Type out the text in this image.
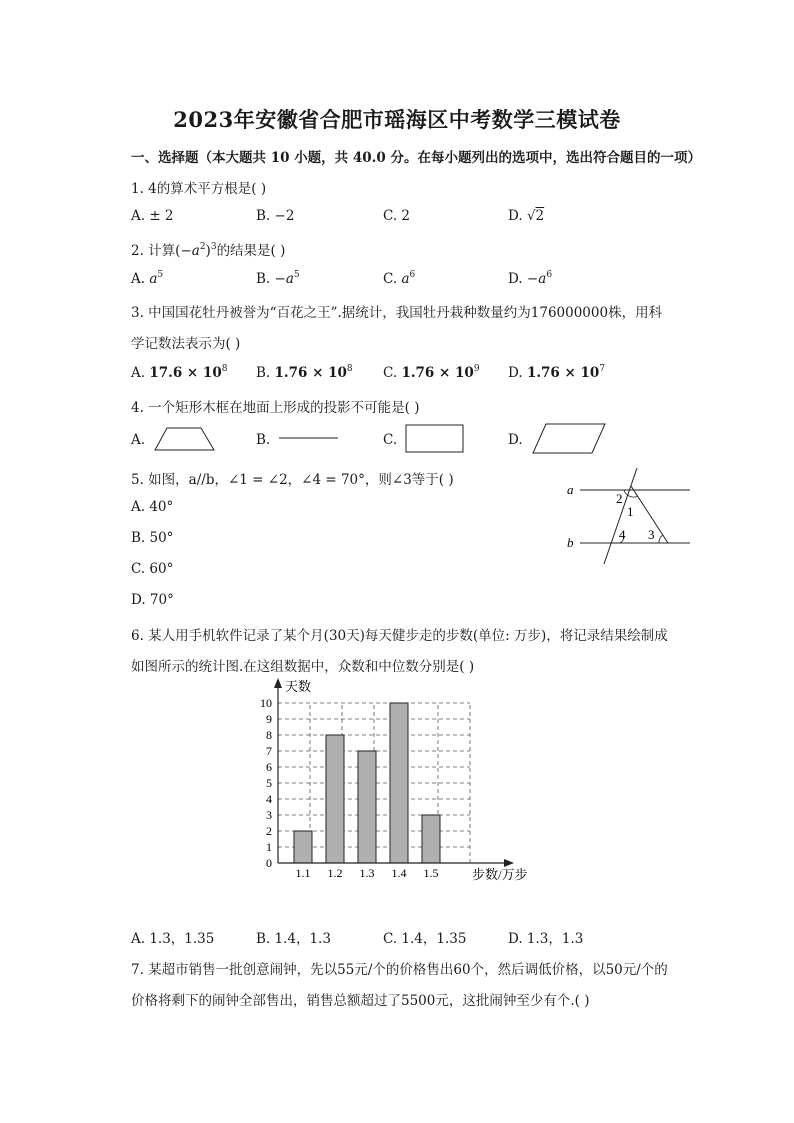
2023年安徽省合肥市瑶海区中考数学三模试卷
一、选择题（本大题共 10 小题，共 40.0 分。在每小题列出的选项中，选出符合题目的一项）
1. 4的算术平方根是( )
A. ± 2	B. −2	C. 2	D. √2
2. 计算$(-a^2)^3$的结果是( )
A. $a^5$	B. $-a^5$	C. $a^6$	D. $-a^6$
3. 中国国花牡丹被誉为“百花之王”.据统计，我国牡丹栽种数量约为176000000株，用科
学记数法表示为( )
A. $17.6 \times 10^8$ B. $1.76 \times 10^8$ C. $1.76 \times 10^9$ D. $1.76 \times 10^7$
4. 一个矩形木框在地面上形成的投影不可能是( )
A.	B.	C.	D.
5. 如图，a//b，∠1 = ∠2，∠4 = 70°，则∠3等于( )
A. 40°
B. 50°
C. 60°
D. 70°
a
b
2
1
4 3
6. 某人用手机软件记录了某个月(30天)每天健步走的步数(单位: 万步)，将记录结果绘制成
如图所示的统计图.在这组数据中，众数和中位数分别是( )
0
1
2
3
4
5
6
7
8
9
10
1.1 1.2 1.3 1.4 1.5
天数
步数/万步
A. 1.3，1.35	B. 1.4，1.3	C. 1.4，1.35	D. 1.3，1.3
7. 某超市销售一批创意闹钟，先以55元/个的价格售出60个，然后调低价格，以50元/个的
价格将剩下的闹钟全部售出，销售总额超过了5500元，这批闹钟至少有个.( )
